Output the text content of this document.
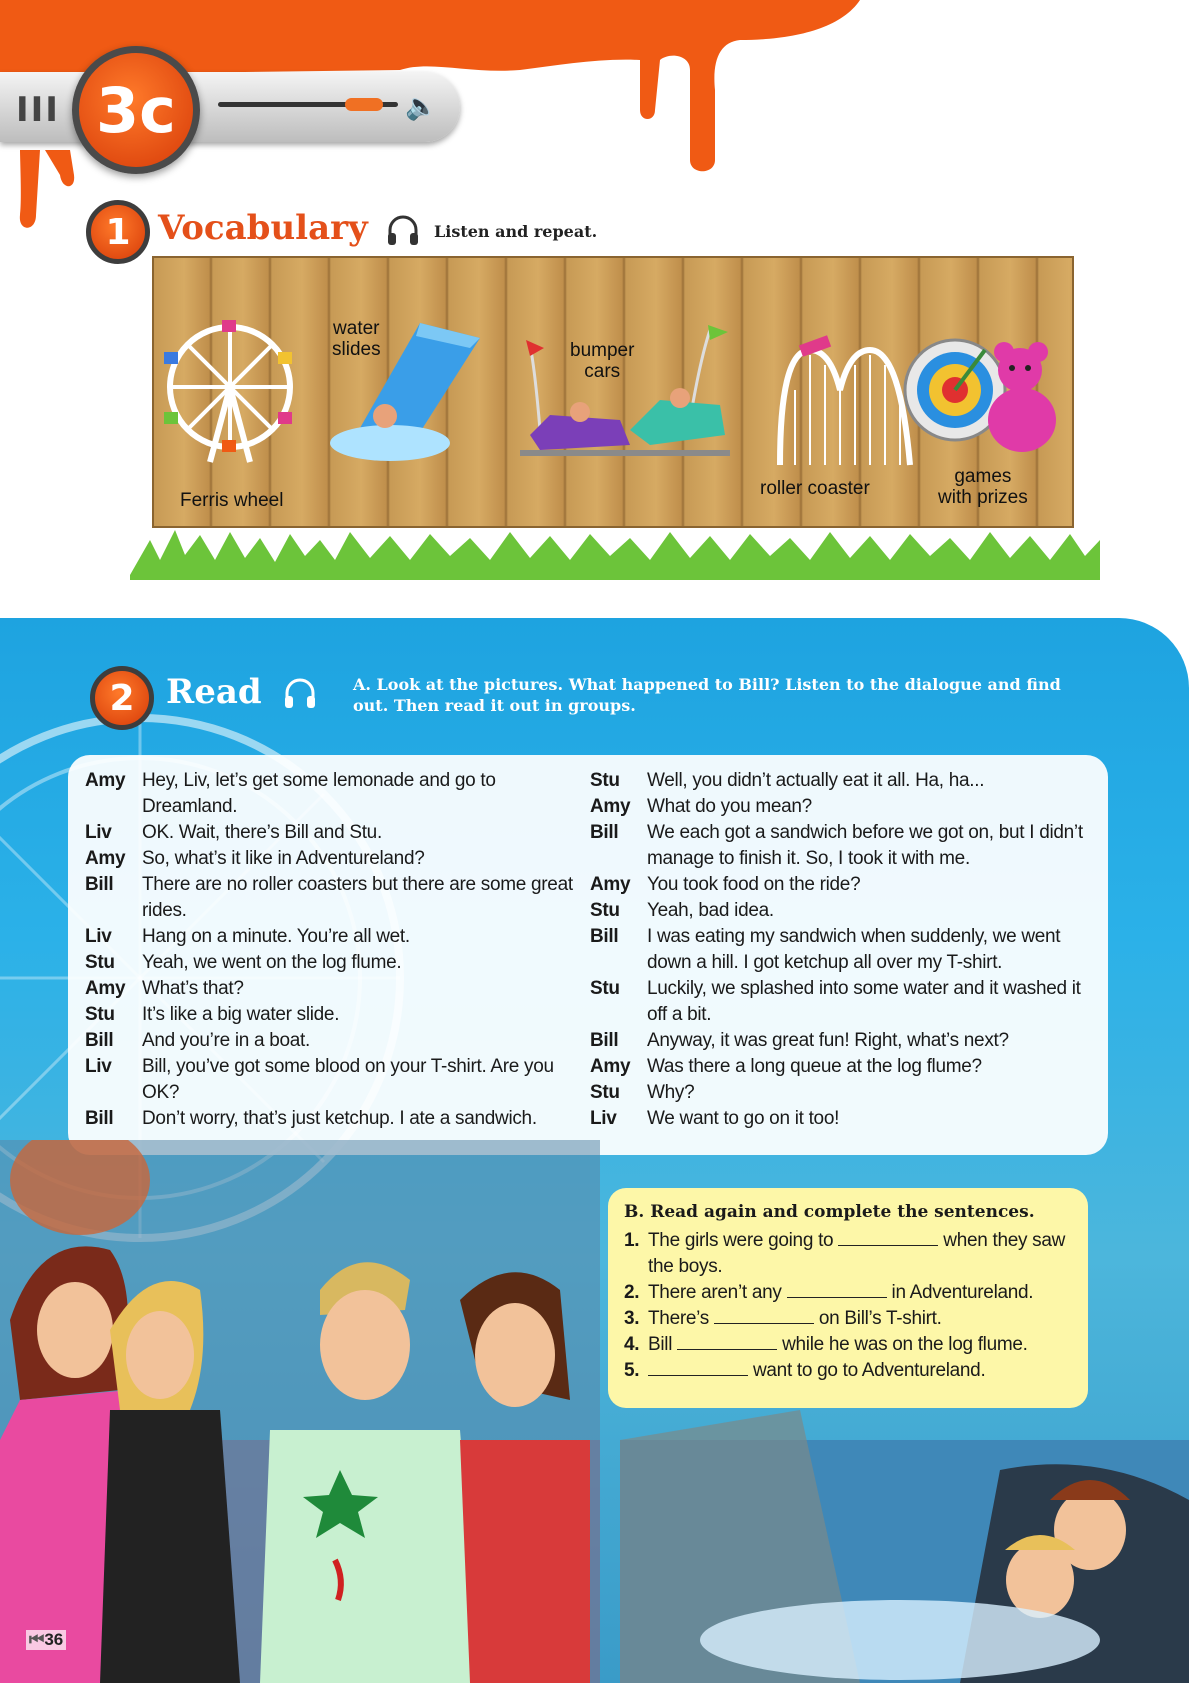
III	🔈
3c
1 Vocabulary	Listen and repeat.
Ferris wheel
water
slides	bumper
cars
roller coaster
games
with prizes
2 Read	A. Look at the pictures. What happened to Bill? Listen to the dialogue and find out. Then read it out in groups.
Amy Hey, Liv, let’s get some lemonade and go to Dreamland.
Liv	OK. Wait, there’s Bill and Stu.
Amy So, what’s it like in Adventureland?
Bill	There are no roller coasters but there are some great rides.
Liv	Hang on a minute. You’re all wet.
Stu	Yeah, we went on the log flume.
Amy What’s that?
Stu	It’s like a big water slide.
Bill	And you’re in a boat.
Liv	Bill, you’ve got some blood on your T-shirt. Are you OK?
Bill	Don’t worry, that’s just ketchup. I ate a sandwich.
Stu	Well, you didn’t actually eat it all. Ha, ha...
Amy What do you mean?
Bill	We each got a sandwich before we got on, but I didn’t manage to finish it. So, I took it with me.
Amy You took food on the ride?
Stu	Yeah, bad idea.
Bill	I was eating my sandwich when suddenly, we went down a hill. I got ketchup all over my T-shirt.
Stu	Luckily, we splashed into some water and it washed it off a bit.
Bill	Anyway, it was great fun! Right, what’s next?
Amy Was there a long queue at the log flume?
Stu	Why?
Liv	We want to go on it too!
B. Read again and complete the sentences.
1. The girls were going to	when they saw the boys.
2. There aren’t any	in Adventureland.
3. There’s	on Bill’s T-shirt.
4. Bill	while he was on the log flume.
5.	want to go to Adventureland.
⏮36
